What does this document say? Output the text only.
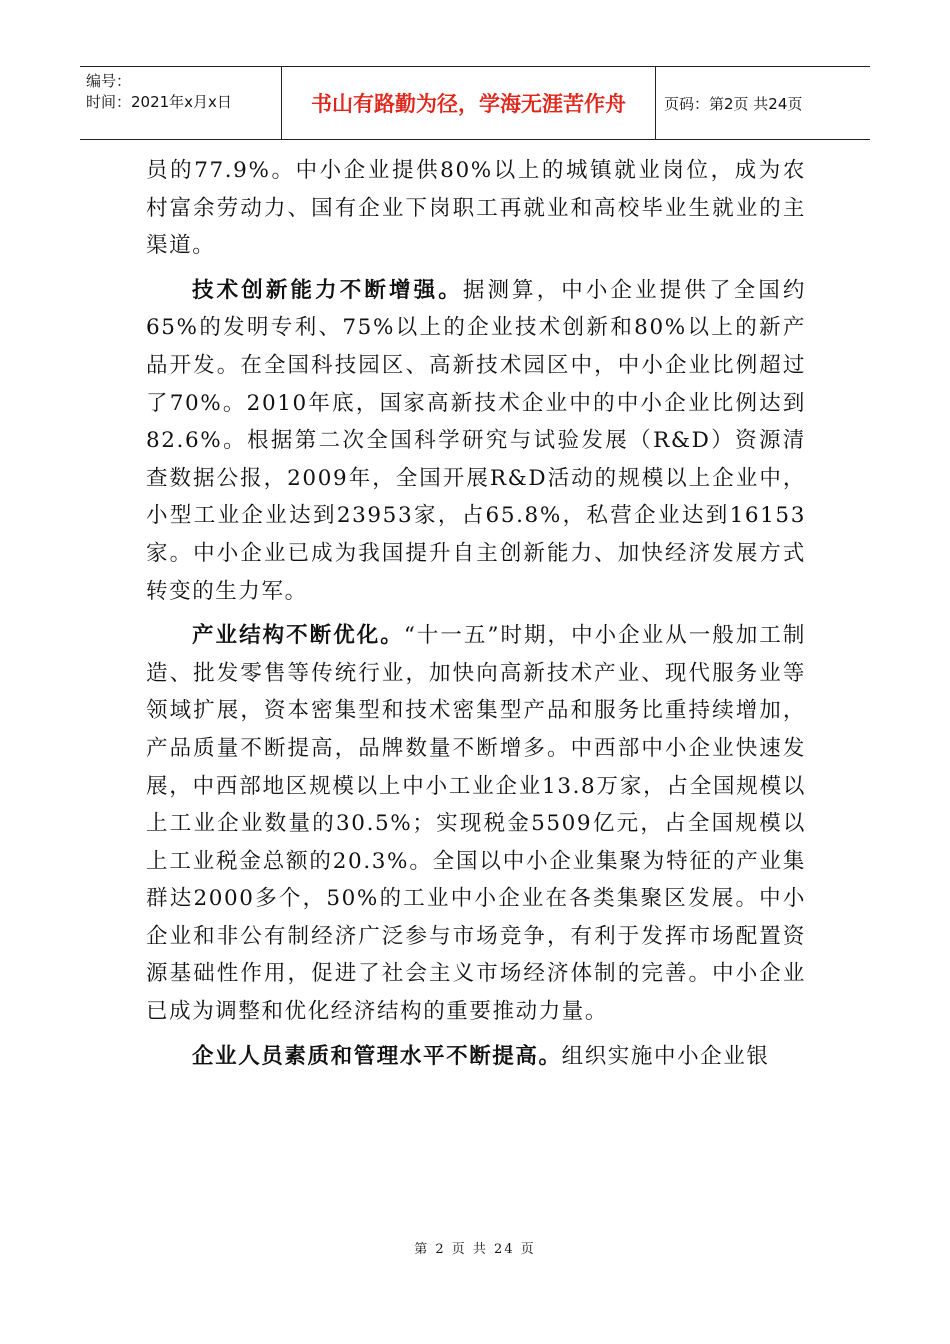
编号：
时间：2021年x月x日	书山有路勤为径，学海无涯苦作舟	页码：第2页 共24页

员的77.9%。中小企业提供80%以上的城镇就业岗位，成为农村富余劳动力、国有企业下岗职工再就业和高校毕业生就业的主渠道。

技术创新能力不断增强。据测算，中小企业提供了全国约65%的发明专利、75%以上的企业技术创新和80%以上的新产品开发。在全国科技园区、高新技术园区中，中小企业比例超过了70%。2010年底，国家高新技术企业中的中小企业比例达到82.6%。根据第二次全国科学研究与试验发展（R&D）资源清查数据公报，2009年，全国开展R&D活动的规模以上企业中，小型工业企业达到23953家，占65.8%，私营企业达到16153家。中小企业已成为我国提升自主创新能力、加快经济发展方式转变的生力军。

产业结构不断优化。“十一五”时期，中小企业从一般加工制造、批发零售等传统行业，加快向高新技术产业、现代服务业等领域扩展，资本密集型和技术密集型产品和服务比重持续增加，产品质量不断提高，品牌数量不断增多。中西部中小企业快速发展，中西部地区规模以上中小工业企业13.8万家，占全国规模以上工业企业数量的30.5%；实现税金5509亿元，占全国规模以上工业税金总额的20.3%。全国以中小企业集聚为特征的产业集群达2000多个，50%的工业中小企业在各类集聚区发展。中小企业和非公有制经济广泛参与市场竞争，有利于发挥市场配置资源基础性作用，促进了社会主义市场经济体制的完善。中小企业已成为调整和优化经济结构的重要推动力量。

企业人员素质和管理水平不断提高。组织实施中小企业银

第 2 页 共 24 页
